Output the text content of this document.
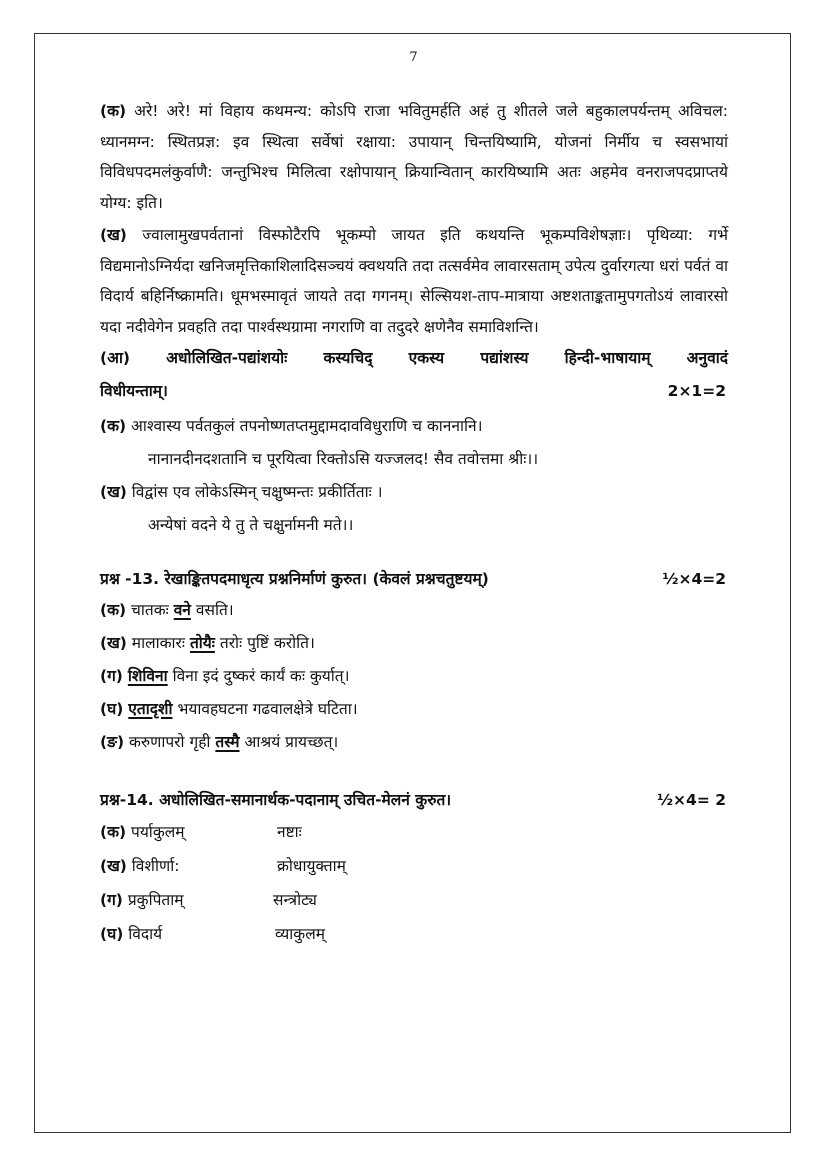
7

(क) अरे! अरे! मां विहाय कथमन्य: कोऽपि राजा भवितुमर्हति अहं तु शीतले जले बहुकालपर्यन्तम् अविचल: ध्यानमग्न: स्थितप्रज्ञ: इव स्थित्वा सर्वेषां रक्षाया: उपायान् चिन्तयिष्यामि, योजनां निर्मीय च स्वसभायां विविधपदमलंकुर्वाणै: जन्तुभिश्च मिलित्वा रक्षोपायान् क्रियान्वितान् कारयिष्यामि अतः अहमेव वनराजपदप्राप्तये योग्य: इति।

(ख) ज्वालामुखपर्वतानां विस्फोटैरपि भूकम्पो जायत इति कथयन्ति भूकम्पविशेषज्ञाः। पृथिव्या: गर्भे विद्यमानोऽग्निर्यदा खनिजमृत्तिकाशिलादिसञ्चयं क्वथयति तदा तत्सर्वमेव लावारसताम् उपेत्य दुर्वारगत्या धरां पर्वतं वा विदार्य बहिर्निष्क्रामति। धूमभस्मावृतं जायते तदा गगनम्। सेल्सियश-ताप-मात्राया अष्टशताङ्कतामुपगतोऽयं लावारसो यदा नदीवेगेन प्रवहति तदा पार्श्वस्थग्रामा नगराणि वा तदुदरे क्षणेनैव समाविशन्ति।

(आ) अधोलिखित-पद्यांशयोः कस्यचिद् एकस्य पद्यांशस्य हिन्दी-भाषायाम् अनुवादं
विधीयन्ताम्।	2×1=2
(क) आश्वास्य पर्वतकुलं तपनोष्णतप्तमुद्दामदावविधुराणि च काननानि।
नानानदीनदशतानि च पूरयित्वा रिक्तोऽसि यज्जलद! सैव तवोत्तमा श्रीः।।
(ख) विद्वांस एव लोकेऽस्मिन् चक्षुष्मन्तः प्रकीर्तिताः ।
अन्येषां वदने ये तु ते चक्षुर्नामनी मते।।
प्रश्न -13. रेखाङ्कितपदमाधृत्य प्रश्ननिर्माणं कुरुत। (केवलं प्रश्नचतुष्टयम्)	½×4=2
(क) चातकः वने वसति।
(ख) मालाकारः तोयैः तरोः पुष्टिं करोति।
(ग) शिविना विना इदं दुष्करं कार्यं कः कुर्यात्।
(घ) एतादृशी भयावहघटना गढवालक्षेत्रे घटिता।
(ङ) करुणापरो गृही तस्मै आश्रयं प्रायच्छत्।
प्रश्न-14. अधोलिखित-समानार्थक-पदानाम् उचित-मेलनं कुरुत।	½×4= 2
(क) पर्याकुलम्	नष्टाः
(ख) विशीर्णा:	क्रोधायुक्ताम्
(ग) प्रकुपिताम्	सन्त्रोट्य
(घ) विदार्य	व्याकुलम्
